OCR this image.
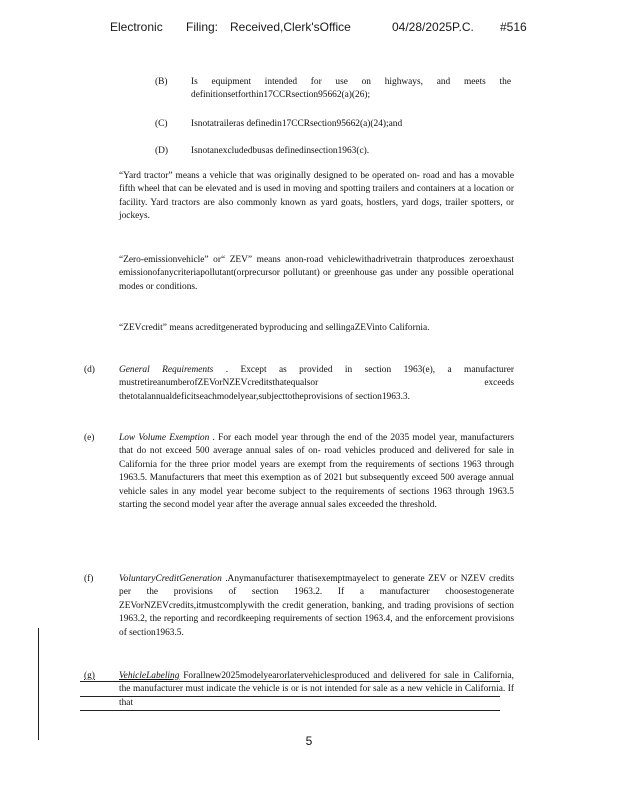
Electronic Filing: Received,Clerk'sOffice	04/28/2025P.C. #516
(B)	Is equipment intended for use on highways, and meets the definitionsetforthin17CCRsection95662(a)(26);
(C)	Isnotatraileras definedin17CCRsection95662(a)(24);and
(D) Isnotanexcludedbusas definedinsection1963(c).
“Yard tractor” means a vehicle that was originally designed to be operated on- road and has a movable fifth wheel that can be elevated and is used in moving and spotting trailers and containers at a location or facility. Yard tractors are also commonly known as yard goats, hostlers, yard dogs, trailer spotters, or jockeys.
“Zero-emissionvehicle” or“ ZEV” means anon-road vehiclewithadrivetrain thatproduces zeroexhaust emissionofanycriteriapollutant(orprecursor pollutant) or greenhouse gas under any possible operational modes or conditions.
“ZEVcredit” means acreditgenerated byproducing and sellingaZEVinto California.
(d)	General Requirements . Except as provided in section 1963(e), a manufacturer mustretireanumberofZEVorNZEVcreditsthatequalsor exceeds thetotalannualdeficitseachmodelyear,subjecttotheprovisions of section1963.3.
(e)	Low Volume Exemption . For each model year through the end of the 2035 model year, manufacturers that do not exceed 500 average annual sales of on- road vehicles produced and delivered for sale in California for the three prior model years are exempt from the requirements of sections 1963 through 1963.5. Manufacturers that meet this exemption as of 2021 but subsequently exceed 500 average annual vehicle sales in any model year become subject to the requirements of sections 1963 through 1963.5 starting the second model year after the average annual sales exceeded the threshold.
(f)	VoluntaryCreditGeneration .Anymanufacturer thatisexemptmayelect to generate ZEV or NZEV credits per the provisions of section 1963.2. If a manufacturer choosestogenerate ZEVorNZEVcredits,itmustcomplywith the credit generation, banking, and trading provisions of section 1963.2, the reporting and recordkeeping requirements of section 1963.4, and the enforcement provisions of section1963.5.
(g)	VehicleLabeling Forallnew2025modelyearorlatervehiclesproduced and delivered for sale in California, the manufacturer must indicate the vehicle is or is not intended for sale as a new vehicle in California. If that
5
